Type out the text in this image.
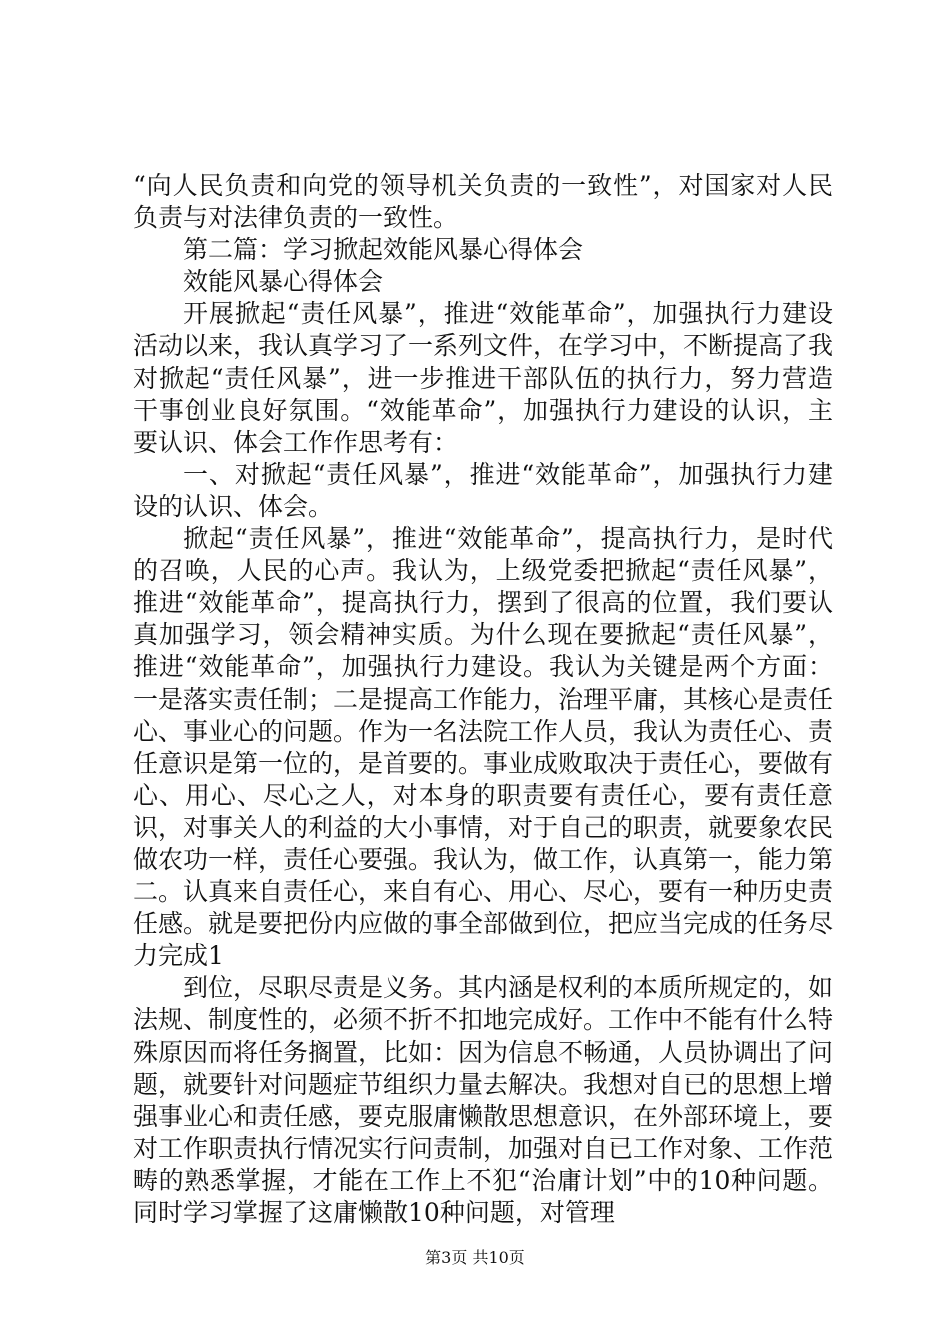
“向人民负责和向党的领导机关负责的一致性”，对国家对人民负责与对法律负责的一致性。

第二篇：学习掀起效能风暴心得体会

效能风暴心得体会

开展掀起“责任风暴”，推进“效能革命”，加强执行力建设活动以来，我认真学习了一系列文件，在学习中，不断提高了我对掀起“责任风暴”，进一步推进干部队伍的执行力，努力营造干事创业良好氛围。“效能革命”，加强执行力建设的认识，主要认识、体会工作作思考有：

一、对掀起“责任风暴”，推进“效能革命”，加强执行力建设的认识、体会。

掀起“责任风暴”，推进“效能革命”，提高执行力，是时代的召唤，人民的心声。我认为，上级党委把掀起“责任风暴”，推进“效能革命”，提高执行力，摆到了很高的位置，我们要认真加强学习，领会精神实质。为什么现在要掀起“责任风暴”，推进“效能革命”，加强执行力建设。我认为关键是两个方面：一是落实责任制；二是提高工作能力，治理平庸，其核心是责任心、事业心的问题。作为一名法院工作人员，我认为责任心、责任意识是第一位的，是首要的。事业成败取决于责任心，要做有心、用心、尽心之人，对本身的职责要有责任心，要有责任意识，对事关人的利益的大小事情，对于自己的职责，就要象农民做农功一样，责任心要强。我认为，做工作，认真第一，能力第二。认真来自责任心，来自有心、用心、尽心，要有一种历史责任感。就是要把份内应做的事全部做到位，把应当完成的任务尽力完成1

到位，尽职尽责是义务。其内涵是权利的本质所规定的，如法规、制度性的，必须不折不扣地完成好。工作中不能有什么特殊原因而将任务搁置，比如：因为信息不畅通，人员协调出了问题，就要针对问题症节组织力量去解决。我想对自已的思想上增强事业心和责任感，要克服庸懒散思想意识，在外部环境上，要对工作职责执行情况实行问责制，加强对自已工作对象、工作范畴的熟悉掌握，才能在工作上不犯“治庸计划”中的10种问题。同时学习掌握了这庸懒散10种问题，对管理

第3页 共10页
